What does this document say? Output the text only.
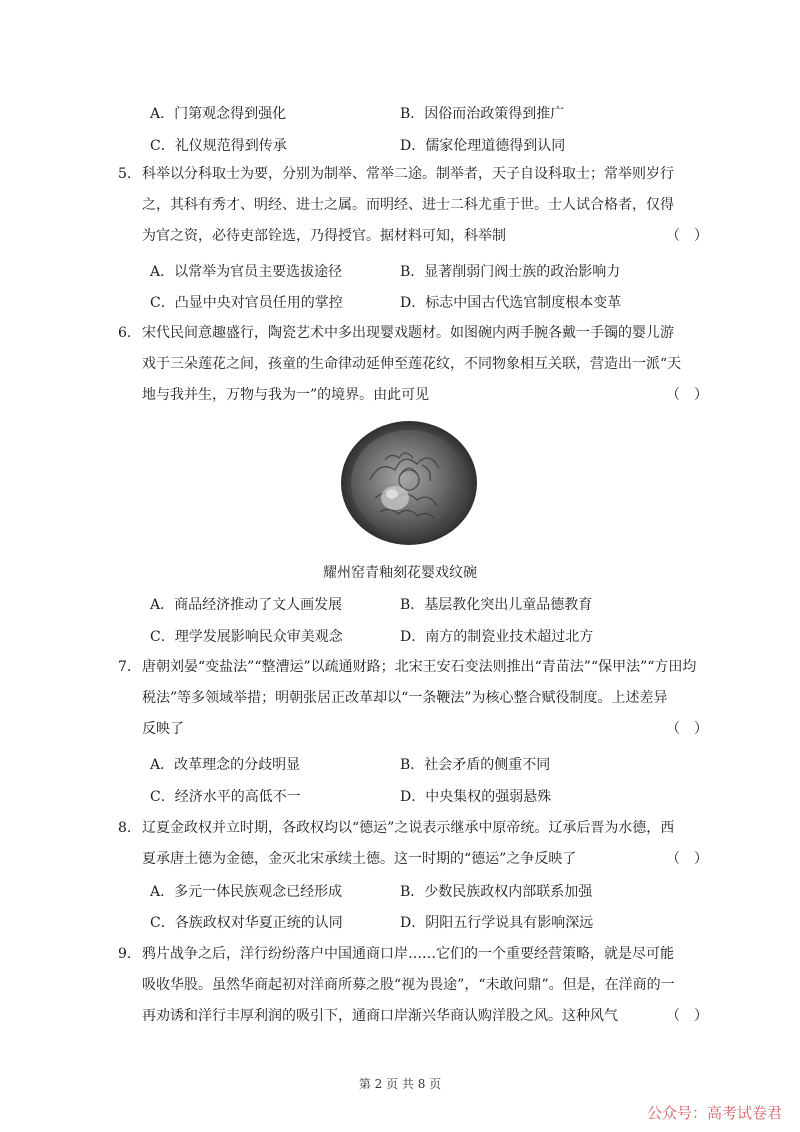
A．门第观念得到强化	B．因俗而治政策得到推广
C．礼仪规范得到传承	D．儒家伦理道德得到认同
5. 科举以分科取士为要，分别为制举、常举二途。制举者，天子自设科取士；常举则岁行
之，其科有秀才、明经、进士之属。而明经、进士二科尤重于世。士人试合格者，仅得
为官之资，必待吏部铨选，乃得授官。据材料可知，科举制	（　）
A．以常举为官员主要选拔途径	B．显著削弱门阀士族的政治影响力
C．凸显中央对官员任用的掌控	D．标志中国古代选官制度根本变革
6. 宋代民间意趣盛行，陶瓷艺术中多出现婴戏题材。如图碗内两手腕各戴一手镯的婴儿游
戏于三朵莲花之间，孩童的生命律动延伸至莲花纹，不同物象相互关联，营造出一派“天
地与我并生，万物与我为一”的境界。由此可见	（　）
耀州窑青釉刻花婴戏纹碗
A．商品经济推动了文人画发展	B．基层教化突出儿童品德教育
C．理学发展影响民众审美观念	D．南方的制瓷业技术超过北方
7. 唐朝刘晏“变盐法”“整漕运”以疏通财路；北宋王安石变法则推出“青苗法”“保甲法”“方田均
税法”等多领域举措；明朝张居正改革却以“一条鞭法”为核心整合赋役制度。上述差异
反映了	（　）
A．改革理念的分歧明显	B．社会矛盾的侧重不同
C．经济水平的高低不一	D．中央集权的强弱悬殊
8. 辽夏金政权并立时期，各政权均以“德运”之说表示继承中原帝统。辽承后晋为水德，西
夏承唐土德为金德，金灭北宋承续土德。这一时期的“德运”之争反映了	（　）
A．多元一体民族观念已经形成	B．少数民族政权内部联系加强
C．各族政权对华夏正统的认同	D．阴阳五行学说具有影响深远
9. 鸦片战争之后，洋行纷纷落户中国通商口岸……它们的一个重要经营策略，就是尽可能
吸收华股。虽然华商起初对洋商所募之股“视为畏途”，“未敢问鼎”。但是，在洋商的一
再劝诱和洋行丰厚利润的吸引下，通商口岸渐兴华商认购洋股之风。这种风气	（　）
第 2 页 共 8 页
公众号：高考试卷君
